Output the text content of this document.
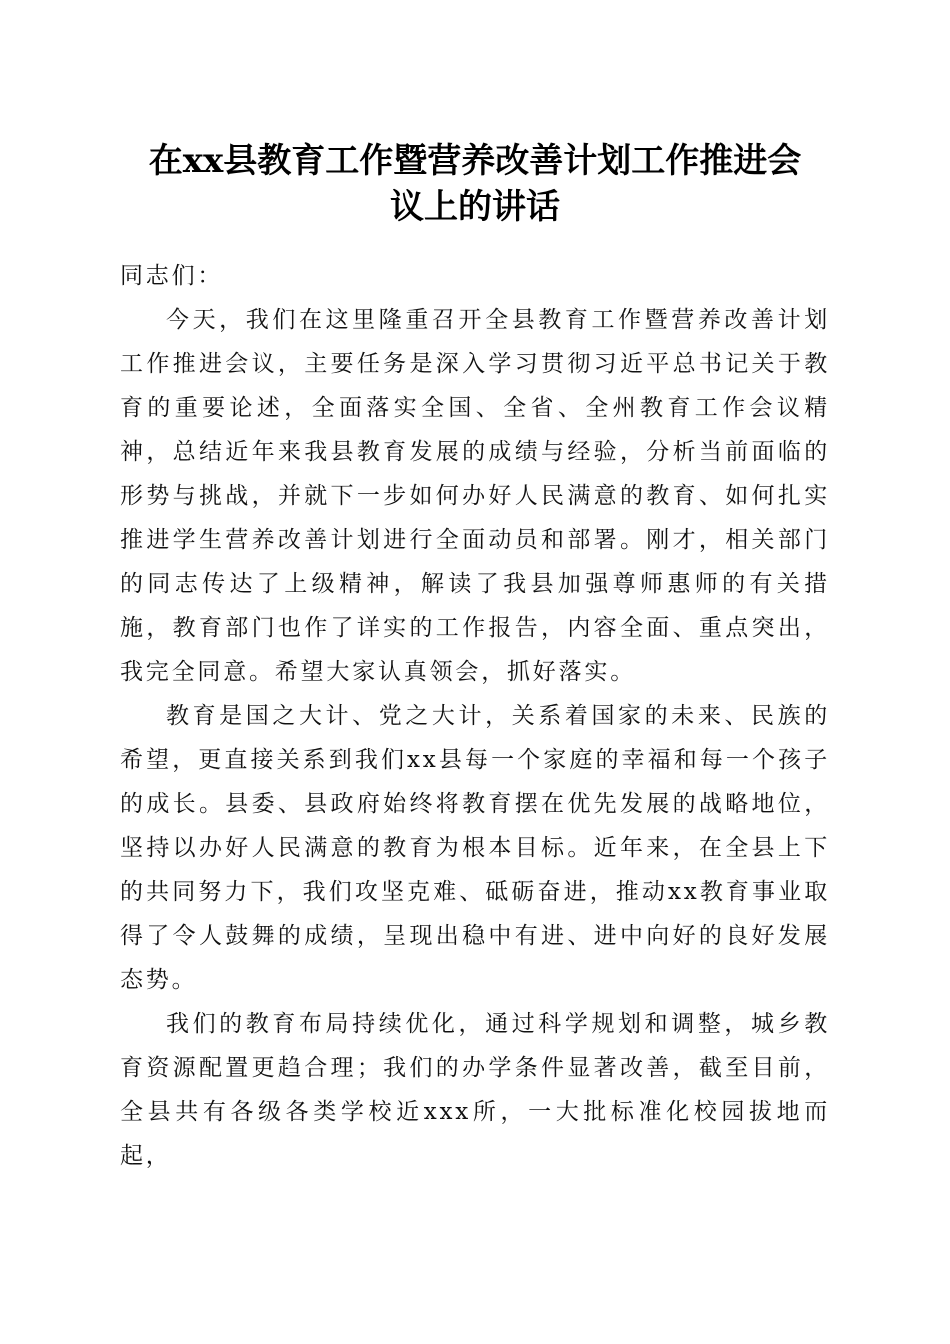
在xx县教育工作暨营养改善计划工作推进会
议上的讲话

同志们：

今天，我们在这里隆重召开全县教育工作暨营养改善计划工作推进会议，主要任务是深入学习贯彻习近平总书记关于教育的重要论述，全面落实全国、全省、全州教育工作会议精神，总结近年来我县教育发展的成绩与经验，分析当前面临的形势与挑战，并就下一步如何办好人民满意的教育、如何扎实推进学生营养改善计划进行全面动员和部署。刚才，相关部门的同志传达了上级精神，解读了我县加强尊师惠师的有关措施，教育部门也作了详实的工作报告，内容全面、重点突出，我完全同意。希望大家认真领会，抓好落实。

教育是国之大计、党之大计，关系着国家的未来、民族的希望，更直接关系到我们xx县每一个家庭的幸福和每一个孩子的成长。县委、县政府始终将教育摆在优先发展的战略地位，坚持以办好人民满意的教育为根本目标。近年来，在全县上下的共同努力下，我们攻坚克难、砥砺奋进，推动xx教育事业取得了令人鼓舞的成绩，呈现出稳中有进、进中向好的良好发展态势。

我们的教育布局持续优化，通过科学规划和调整，城乡教育资源配置更趋合理；我们的办学条件显著改善，截至目前，全县共有各级各类学校近xxx所，一大批标准化校园拔地而起，
